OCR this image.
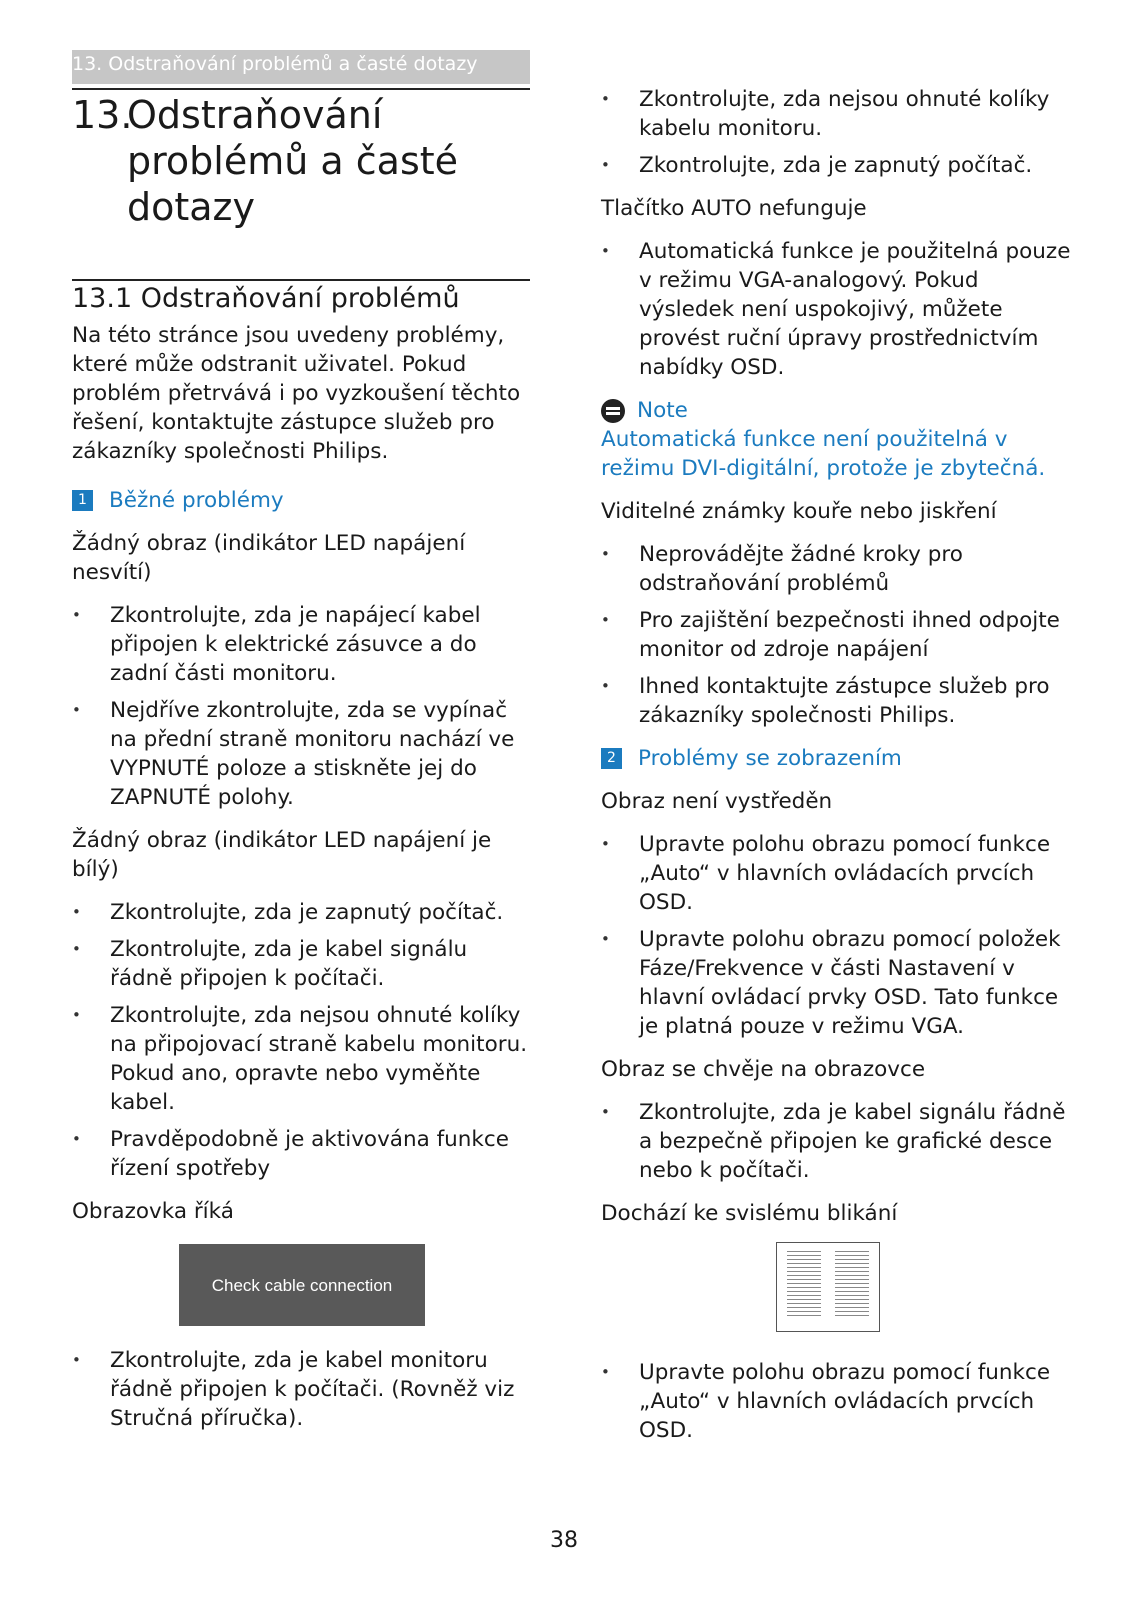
13. Odstraňování problémů a časté dotazy
13.
Odstraňování problémů a časté dotazy
13.1 Odstraňování problémů

Na této stránce jsou uvedeny problémy, které může odstranit uživatel. Pokud problém přetrvává i po vyzkoušení těchto řešení, kontaktujte zástupce služeb pro zákazníky společnosti Philips.

1 Běžné problémy

Žádný obraz (indikátor LED napájení nesvítí)

• Zkontrolujte, zda je napájecí kabel připojen k elektrické zásuvce a do zadní části monitoru.
• Nejdříve zkontrolujte, zda se vypínač na přední straně monitoru nachází ve VYPNUTÉ poloze a stiskněte jej do ZAPNUTÉ polohy.

Žádný obraz (indikátor LED napájení je bílý)

• Zkontrolujte, zda je zapnutý počítač.
• Zkontrolujte, zda je kabel signálu řádně připojen k počítači.
• Zkontrolujte, zda nejsou ohnuté kolíky na připojovací straně kabelu monitoru. Pokud ano, opravte nebo vyměňte kabel.
• Pravděpodobně je aktivována funkce řízení spotřeby

Obrazovka říká

Check cable connection
• Zkontrolujte, zda je kabel monitoru řádně připojen k počítači. (Rovněž viz Stručná příručka).
• Zkontrolujte, zda nejsou ohnuté kolíky kabelu monitoru.
• Zkontrolujte, zda je zapnutý počítač.

Tlačítko AUTO nefunguje

• Automatická funkce je použitelná pouze v režimu VGA-analogový. Pokud výsledek není uspokojivý, můžete provést ruční úpravy prostřednictvím nabídky OSD.
Note

Automatická funkce není použitelná v režimu DVI-digitální, protože je zbytečná.

Viditelné známky kouře nebo jiskření

• Neprovádějte žádné kroky pro odstraňování problémů
• Pro zajištění bezpečnosti ihned odpojte monitor od zdroje napájení
• Ihned kontaktujte zástupce služeb pro zákazníky společnosti Philips.
2 Problémy se zobrazením

Obraz není vystředěn

• Upravte polohu obrazu pomocí funkce „Auto“ v hlavních ovládacích prvcích OSD.
• Upravte polohu obrazu pomocí položek Fáze/Frekvence v části Nastavení v hlavní ovládací prvky OSD. Tato funkce je platná pouze v režimu VGA.

Obraz se chvěje na obrazovce

• Zkontrolujte, zda je kabel signálu řádně a bezpečně připojen ke grafické desce nebo k počítači.

Dochází ke svislému blikání

• Upravte polohu obrazu pomocí funkce „Auto“ v hlavních ovládacích prvcích OSD.
38
